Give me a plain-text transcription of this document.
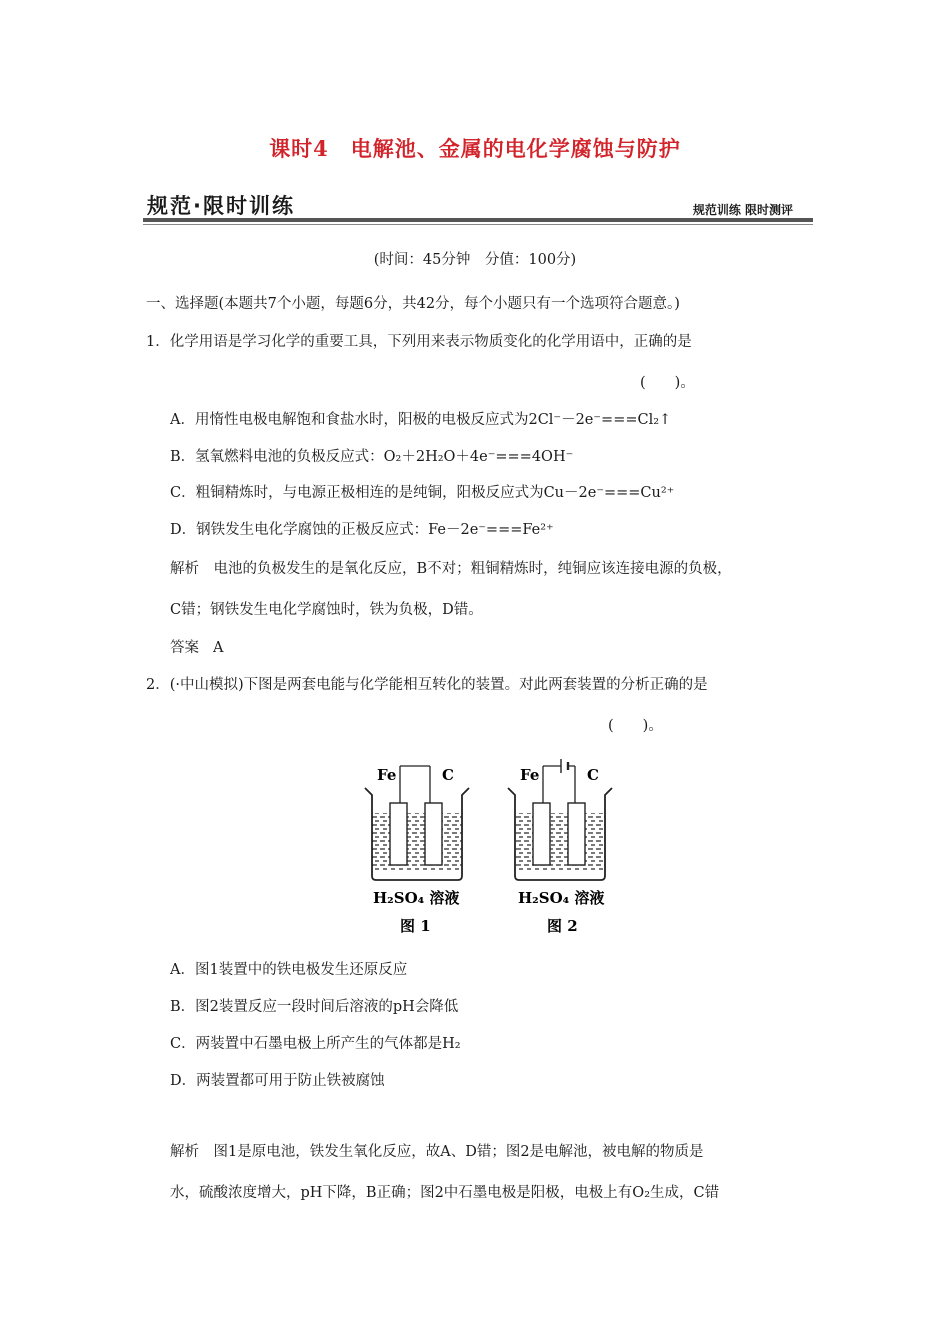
课时4　电解池、金属的电化学腐蚀与防护
规范·限时训练	规范训练 限时测评
(时间：45分钟　分值：100分)
一、选择题(本题共7个小题，每题6分，共42分，每个小题只有一个选项符合题意。)
1．化学用语是学习化学的重要工具，下列用来表示物质变化的化学用语中，正确的是
(　　)。
A．用惰性电极电解饱和食盐水时，阳极的电极反应式为2Cl⁻－2e⁻===Cl₂↑
B．氢氧燃料电池的负极反应式：O₂＋2H₂O＋4e⁻===4OH⁻
C．粗铜精炼时，与电源正极相连的是纯铜，阳极反应式为Cu－2e⁻===Cu²⁺
D．钢铁发生电化学腐蚀的正极反应式：Fe－2e⁻===Fe²⁺
解析　电池的负极发生的是氧化反应，B不对；粗铜精炼时，纯铜应该连接电源的负极，
C错；钢铁发生电化学腐蚀时，铁为负极，D错。
答案 A
2．(·中山模拟)下图是两套电能与化学能相互转化的装置。对此两套装置的分析正确的是
(　　)。
Fe	C
H₂SO₄ 溶液
图 1
Fe	C
H₂SO₄ 溶液
图 2
A．图1装置中的铁电极发生还原反应
B．图2装置反应一段时间后溶液的pH会降低
C．两装置中石墨电极上所产生的气体都是H₂
D．两装置都可用于防止铁被腐蚀
解析　图1是原电池，铁发生氧化反应，故A、D错；图2是电解池，被电解的物质是
水，硫酸浓度增大，pH下降，B正确；图2中石墨电极是阳极，电极上有O₂生成，C错
